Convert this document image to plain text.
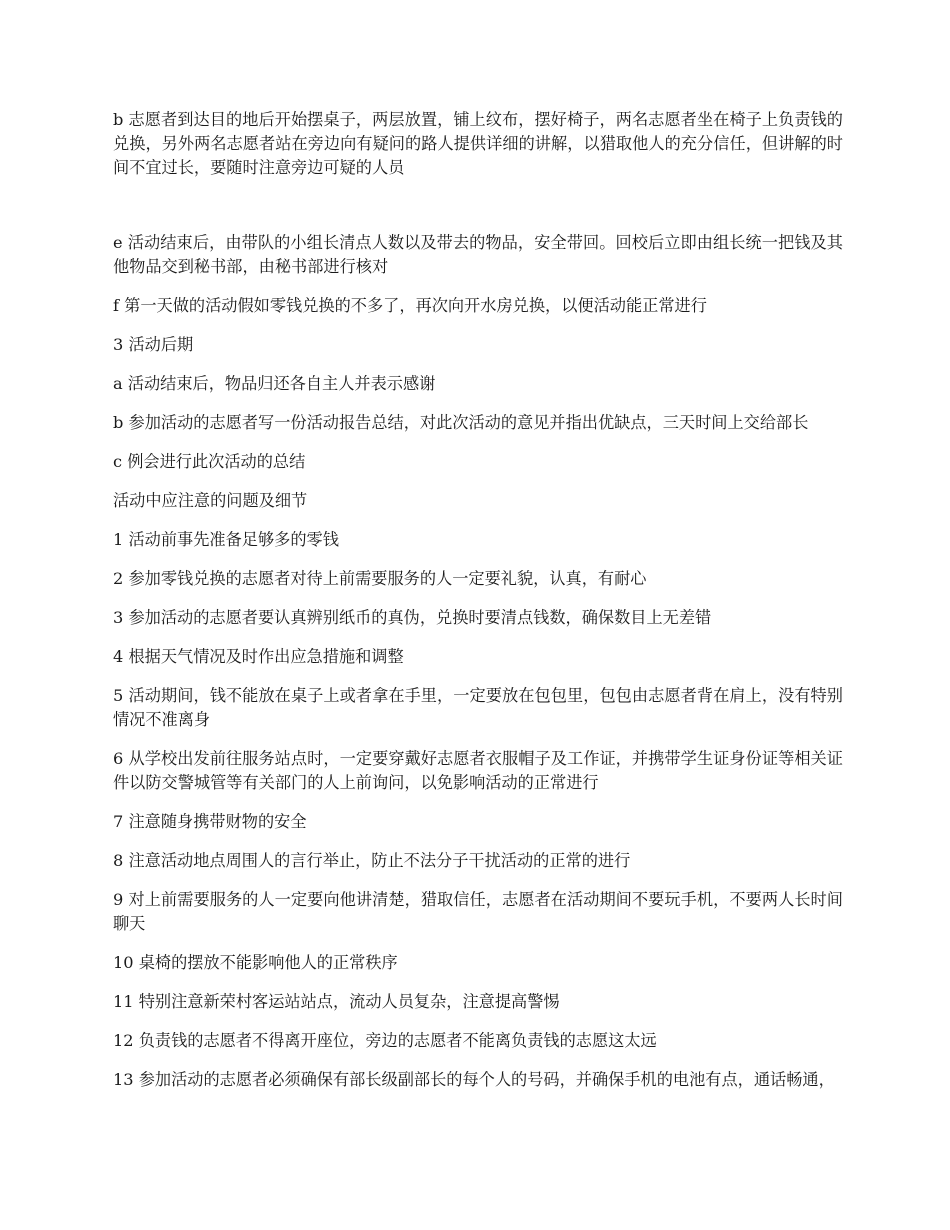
b 志愿者到达目的地后开始摆桌子，两层放置，铺上纹布，摆好椅子，两名志愿者坐在椅子上负责钱的兑换，另外两名志愿者站在旁边向有疑问的路人提供详细的讲解，以猎取他人的充分信任，但讲解的时间不宜过长，要随时注意旁边可疑的人员

e 活动结束后，由带队的小组长清点人数以及带去的物品，安全带回。回校后立即由组长统一把钱及其他物品交到秘书部，由秘书部进行核对

f 第一天做的活动假如零钱兑换的不多了，再次向开水房兑换，以便活动能正常进行

3 活动后期

a 活动结束后，物品归还各自主人并表示感谢

b 参加活动的志愿者写一份活动报告总结，对此次活动的意见并指出优缺点，三天时间上交给部长

c 例会进行此次活动的总结

活动中应注意的问题及细节

1 活动前事先准备足够多的零钱

2 参加零钱兑换的志愿者对待上前需要服务的人一定要礼貌，认真，有耐心

3 参加活动的志愿者要认真辨别纸币的真伪，兑换时要清点钱数，确保数目上无差错

4 根据天气情况及时作出应急措施和调整

5 活动期间，钱不能放在桌子上或者拿在手里，一定要放在包包里，包包由志愿者背在肩上，没有特别情况不准离身

6 从学校出发前往服务站点时，一定要穿戴好志愿者衣服帽子及工作证，并携带学生证身份证等相关证件以防交警城管等有关部门的人上前询问，以免影响活动的正常进行

7 注意随身携带财物的安全

8 注意活动地点周围人的言行举止，防止不法分子干扰活动的正常的进行

9 对上前需要服务的人一定要向他讲清楚，猎取信任，志愿者在活动期间不要玩手机，不要两人长时间聊天

10 桌椅的摆放不能影响他人的正常秩序

11 特别注意新荣村客运站站点，流动人员复杂，注意提高警惕

12 负责钱的志愿者不得离开座位，旁边的志愿者不能离负责钱的志愿这太远

13 参加活动的志愿者必须确保有部长级副部长的每个人的号码，并确保手机的电池有点，通话畅通，
